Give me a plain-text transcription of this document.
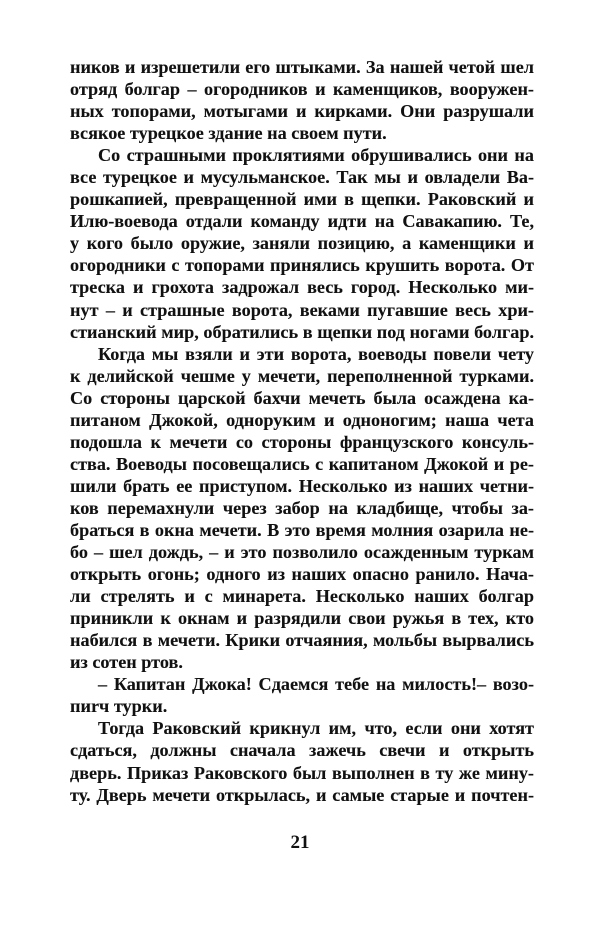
ников и изрешетили его штыками. За нашей четой шел
отряд болгар – огородников и каменщиков, вооружен-
ных топорами, мотыгами и кирками. Они разрушали
всякое турецкое здание на своем пути.
Со страшными проклятиями обрушивались они на
все турецкое и мусульманское. Так мы и овладели Ва-
рошкапией, превращенной ими в щепки. Раковский и
Илю-воевода отдали команду идти на Савакапию. Те,
у кого было оружие, заняли позицию, а каменщики и
огородники с топорами принялись крушить ворота. От
треска и грохота задрожал весь город. Несколько ми-
нут – и страшные ворота, веками пугавшие весь хри-
стианский мир, обратились в щепки под ногами болгар.
Когда мы взяли и эти ворота, воеводы повели чету
к делийской чешме у мечети, переполненной турками.
Со стороны царской бахчи мечеть была осаждена ка-
питаном Джокой, одноруким и одноногим; наша чета
подошла к мечети со стороны французского консуль-
ства. Воеводы посовещались с капитаном Джокой и ре-
шили брать ее приступом. Несколько из наших четни-
ков перемахнули через забор на кладбище, чтобы за-
браться в окна мечети. В это время молния озарила не-
бо – шел дождь, – и это позволило осажденным туркам
открыть огонь; одного из наших опасно ранило. Нача-
ли стрелять и с минарета. Несколько наших болгар
приникли к окнам и разрядили свои ружья в тех, кто
набился в мечети. Крики отчаяния, мольбы вырвались
из сотен ртов.
– Капитан Джока! Сдаемся тебе на милость!– возо-
пиrч турки.
Тогда Раковский крикнул им, что, если они хотят
сдаться, должны сначала зажечь свечи и открыть
дверь. Приказ Раковского был выполнен в ту же мину-
ту. Дверь мечети открылась, и самые старые и почтен-
21
